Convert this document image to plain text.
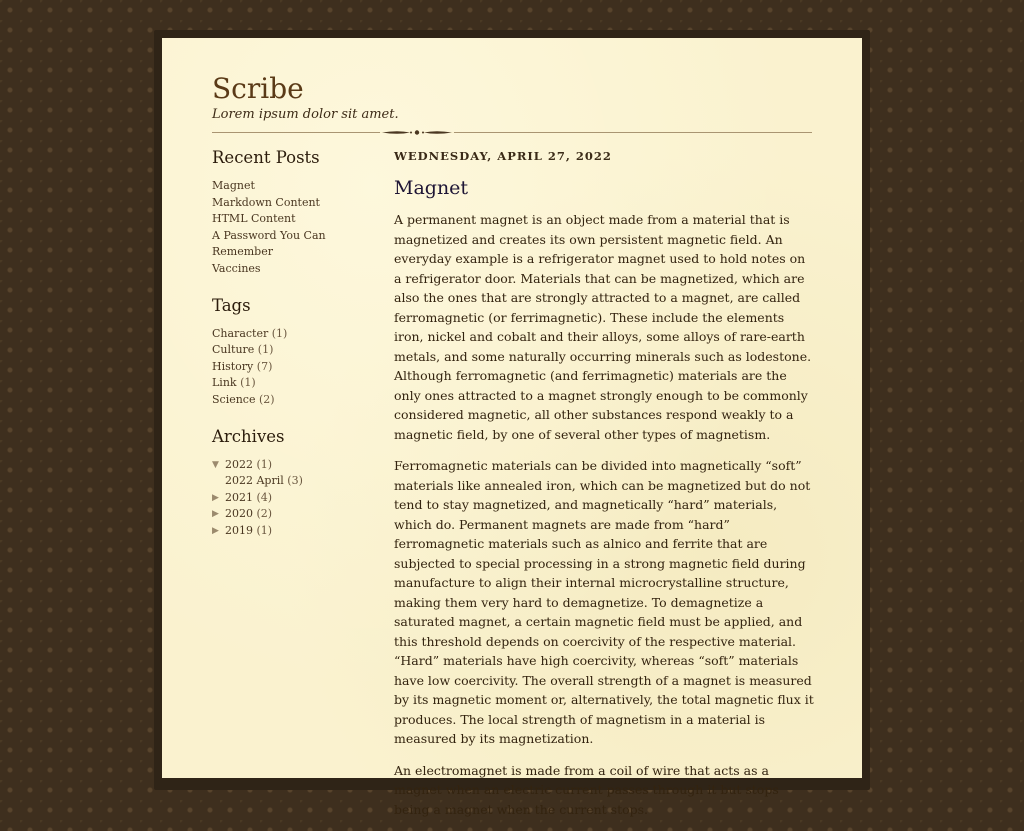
Scribe
Lorem ipsum dolor sit amet.
Recent Posts
Magnet
Markdown Content
HTML Content
A Password You Can
Remember
Vaccines
Tags
Character (1)
Culture (1)
History (7)
Link (1)
Science (2)
Archives
▼ 2022 (1)
2022 April (3)
▶ 2021 (4)
▶ 2020 (2)
▶ 2019 (1)
WEDNESDAY, APRIL 27, 2022
Magnet

A permanent magnet is an object made from a material that is magnetized and creates its own persistent magnetic field. An everyday example is a refrigerator magnet used to hold notes on a refrigerator door. Materials that can be magnetized, which are also the ones that are strongly attracted to a magnet, are called ferromagnetic (or ferrimagnetic). These include the elements iron, nickel and cobalt and their alloys, some alloys of rare-earth metals, and some naturally occurring minerals such as lodestone. Although ferromagnetic (and ferrimagnetic) materials are the only ones attracted to a magnet strongly enough to be commonly considered magnetic, all other substances respond weakly to a magnetic field, by one of several other types of magnetism.

Ferromagnetic materials can be divided into magnetically “soft” materials like annealed iron, which can be magnetized but do not tend to stay magnetized, and magnetically “hard” materials, which do. Permanent magnets are made from “hard” ferromagnetic materials such as alnico and ferrite that are subjected to special processing in a strong magnetic field during manufacture to align their internal microcrystalline structure, making them very hard to demagnetize. To demagnetize a saturated magnet, a certain magnetic field must be applied, and this threshold depends on coercivity of the respective material. “Hard” materials have high coercivity, whereas “soft” materials have low coercivity. The overall strength of a magnet is measured by its magnetic moment or, alternatively, the total magnetic flux it produces. The local strength of magnetism in a material is measured by its magnetization.

An electromagnet is made from a coil of wire that acts as a magnet when an electric current passes through it but stops being a magnet when the current stops.
